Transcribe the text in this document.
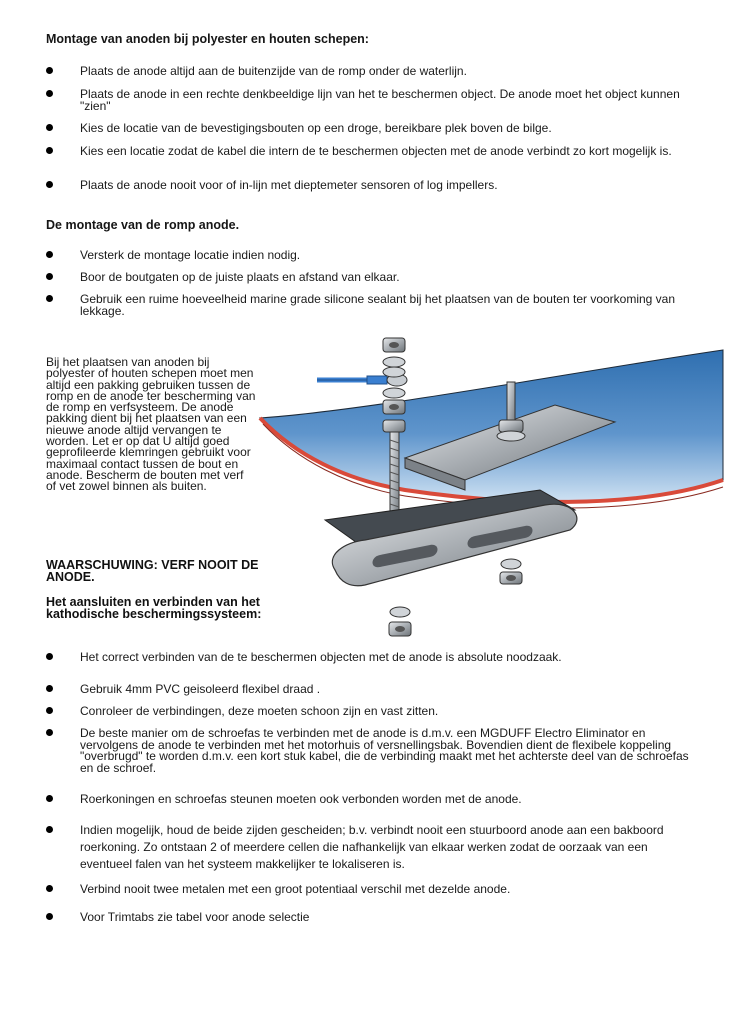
Montage van anoden bij polyester en houten schepen:
Plaats de anode altijd aan de buitenzijde van de romp onder de waterlijn.
Plaats de anode in een rechte denkbeeldige lijn van het te beschermen object. De anode moet het object kunnen "zien"
Kies de locatie van de bevestigingsbouten op een droge, bereikbare plek boven de bilge.
Kies een locatie zodat de kabel die intern de te beschermen objecten met de anode verbindt zo kort mogelijk is.
Plaats de anode nooit voor of in-lijn met dieptemeter sensoren of log impellers.
De montage van de romp anode.
Versterk de montage locatie indien nodig.
Boor de boutgaten op de juiste plaats en afstand van elkaar.
Gebruik een ruime hoeveelheid marine grade silicone sealant bij het plaatsen van de bouten ter voorkoming van lekkage.
Bij het plaatsen van anoden bij polyester of houten schepen moet men altijd een pakking gebruiken tussen de romp en de anode ter bescherming van de romp en verfsysteem. De anode pakking dient bij het plaatsen van een nieuwe anode altijd vervangen te worden. Let er op dat U altijd goed geprofileerde klemringen gebruikt voor maximaal contact tussen de bout en anode. Bescherm de bouten met verf of vet zowel binnen als buiten.
WAARSCHUWING: VERF NOOIT DE ANODE.
Het aansluiten en verbinden van het kathodische beschermingssysteem:
Het correct verbinden van de te beschermen objecten met de anode is absolute noodzaak.
Gebruik 4mm PVC geisoleerd flexibel draad .
Conroleer de verbindingen, deze moeten schoon zijn en vast zitten.
De beste manier om de schroefas te verbinden met de anode is d.m.v. een MGDUFF Electro Eliminator en vervolgens de anode te verbinden met het motorhuis of versnellingsbak. Bovendien dient de flexibele koppeling "overbrugd" te worden d.m.v. een kort stuk kabel, die de verbinding maakt met het achterste deel van de schroefas en de schroef.
Roerkoningen en schroefas steunen moeten ook verbonden worden met de anode.
Indien mogelijk, houd de beide zijden gescheiden; b.v. verbindt nooit een stuurboord anode aan een bakboord roerkoning. Zo ontstaan 2 of meerdere cellen die nafhankelijk van elkaar werken zodat de oorzaak van een eventueel falen van het systeem makkelijker te lokaliseren is.
Verbind nooit twee metalen met een groot potentiaal verschil met dezelde anode.
Voor Trimtabs zie tabel voor anode selectie
